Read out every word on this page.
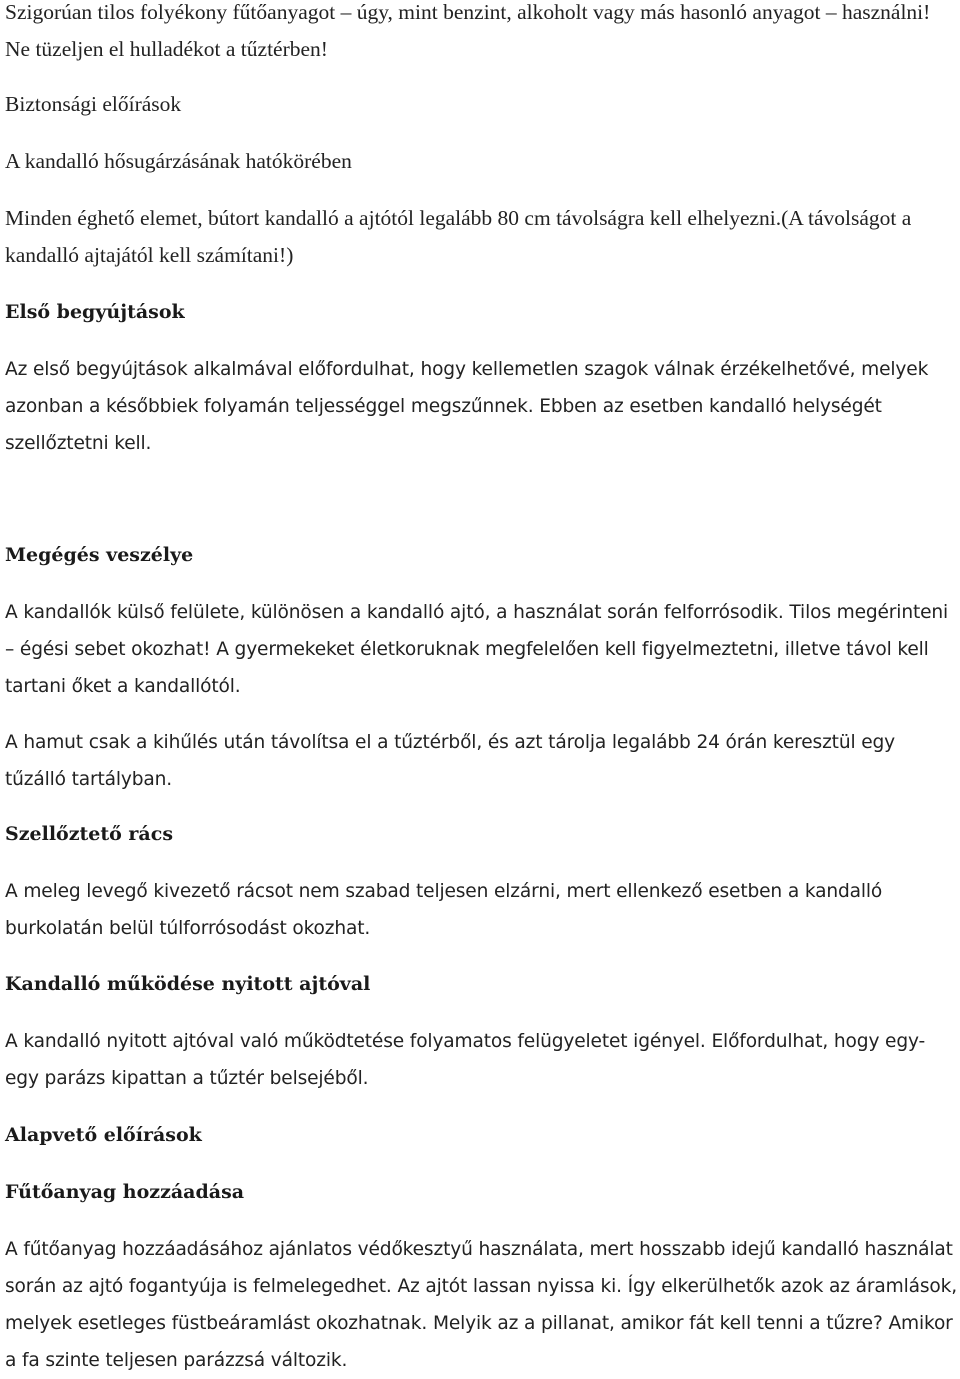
Szigorúan tilos folyékony fűtőanyagot – úgy, mint benzint, alkoholt vagy más hasonló anyagot – használni! Ne tüzeljen el hulladékot a tűztérben!

Biztonsági előírások

A kandalló hősugárzásának hatókörében

Minden éghető elemet, bútort kandalló a ajtótól legalább 80 cm távolságra kell elhelyezni.(A távolságot a kandalló ajtajától kell számítani!)

Első begyújtások

Az első begyújtások alkalmával előfordulhat, hogy kellemetlen szagok válnak érzékelhetővé, melyek azonban a későbbiek folyamán teljességgel megszűnnek. Ebben az esetben kandalló helységét szellőztetni kell.

Megégés veszélye

A kandallók külső felülete, különösen a kandalló ajtó, a használat során felforrósodik. Tilos megérinteni – égési sebet okozhat! A gyermekeket életkoruknak megfelelően kell figyelmeztetni, illetve távol kell tartani őket a kandallótól.

A hamut csak a kihűlés után távolítsa el a tűztérből, és azt tárolja legalább 24 órán keresztül egy tűzálló tartályban.

Szellőztető rács

A meleg levegő kivezető rácsot nem szabad teljesen elzárni, mert ellenkező esetben a kandalló burkolatán belül túlforrósodást okozhat.

Kandalló működése nyitott ajtóval

A kandalló nyitott ajtóval való működtetése folyamatos felügyeletet igényel. Előfordulhat, hogy egy-egy parázs kipattan a tűztér belsejéből.

Alapvető előírások

Fűtőanyag hozzáadása

A fűtőanyag hozzáadásához ajánlatos védőkesztyű használata, mert hosszabb idejű kandalló használat során az ajtó fogantyúja is felmelegedhet. Az ajtót lassan nyissa ki. Így elkerülhetők azok az áramlások, melyek esetleges füstbeáramlást okozhatnak. Melyik az a pillanat, amikor fát kell tenni a tűzre? Amikor a fa szinte teljesen parázzsá változik.
